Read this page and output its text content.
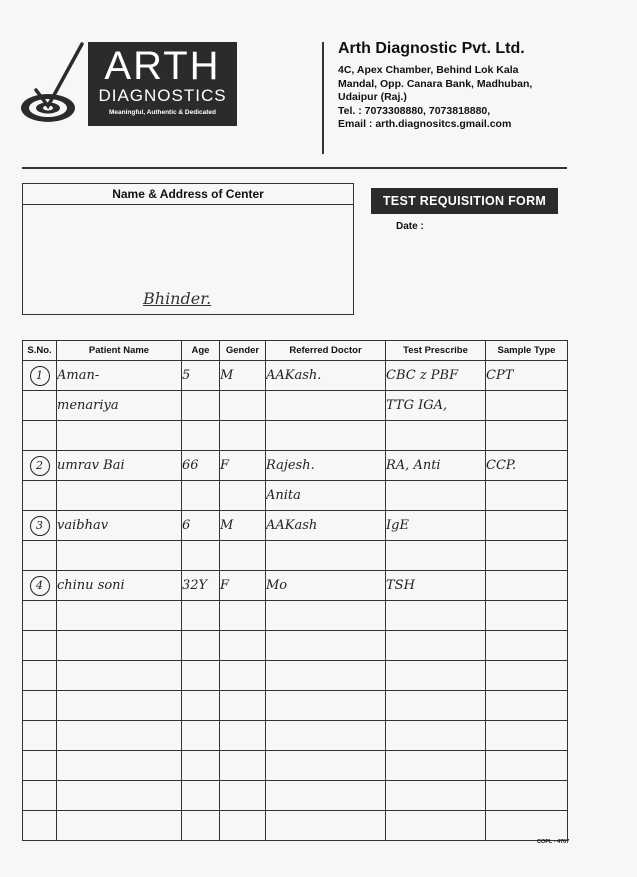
ARTH
DIAGNOSTICS
Meaningful, Authentic & Dedicated

Arth Diagnostic Pvt. Ltd.

4C, Apex Chamber, Behind Lok Kala

Mandal, Opp. Canara Bank, Madhuban,

Udaipur (Raj.)

Tel. : 7073308880, 7073818880,

Email : arth.diagnositcs.gmail.com

Name & Address of Center
Bhinder.
TEST REQUISITION FORM
Date :
S.No.	Patient Name	Age	Gender	Referred Doctor	Test Prescribe	Sample Type
1	Aman-	5	M	AAKash.	CBC z PBF	CPT
	menariya				TTG IGA,	

2	umrav Bai	66	F	Rajesh.	RA, Anti	CCP.
				Anita		
3	vaibhav	6	M	AAKash	IgE	

4	chinu soni	32Y	F	Mo	TSH	

COPL - 4707
